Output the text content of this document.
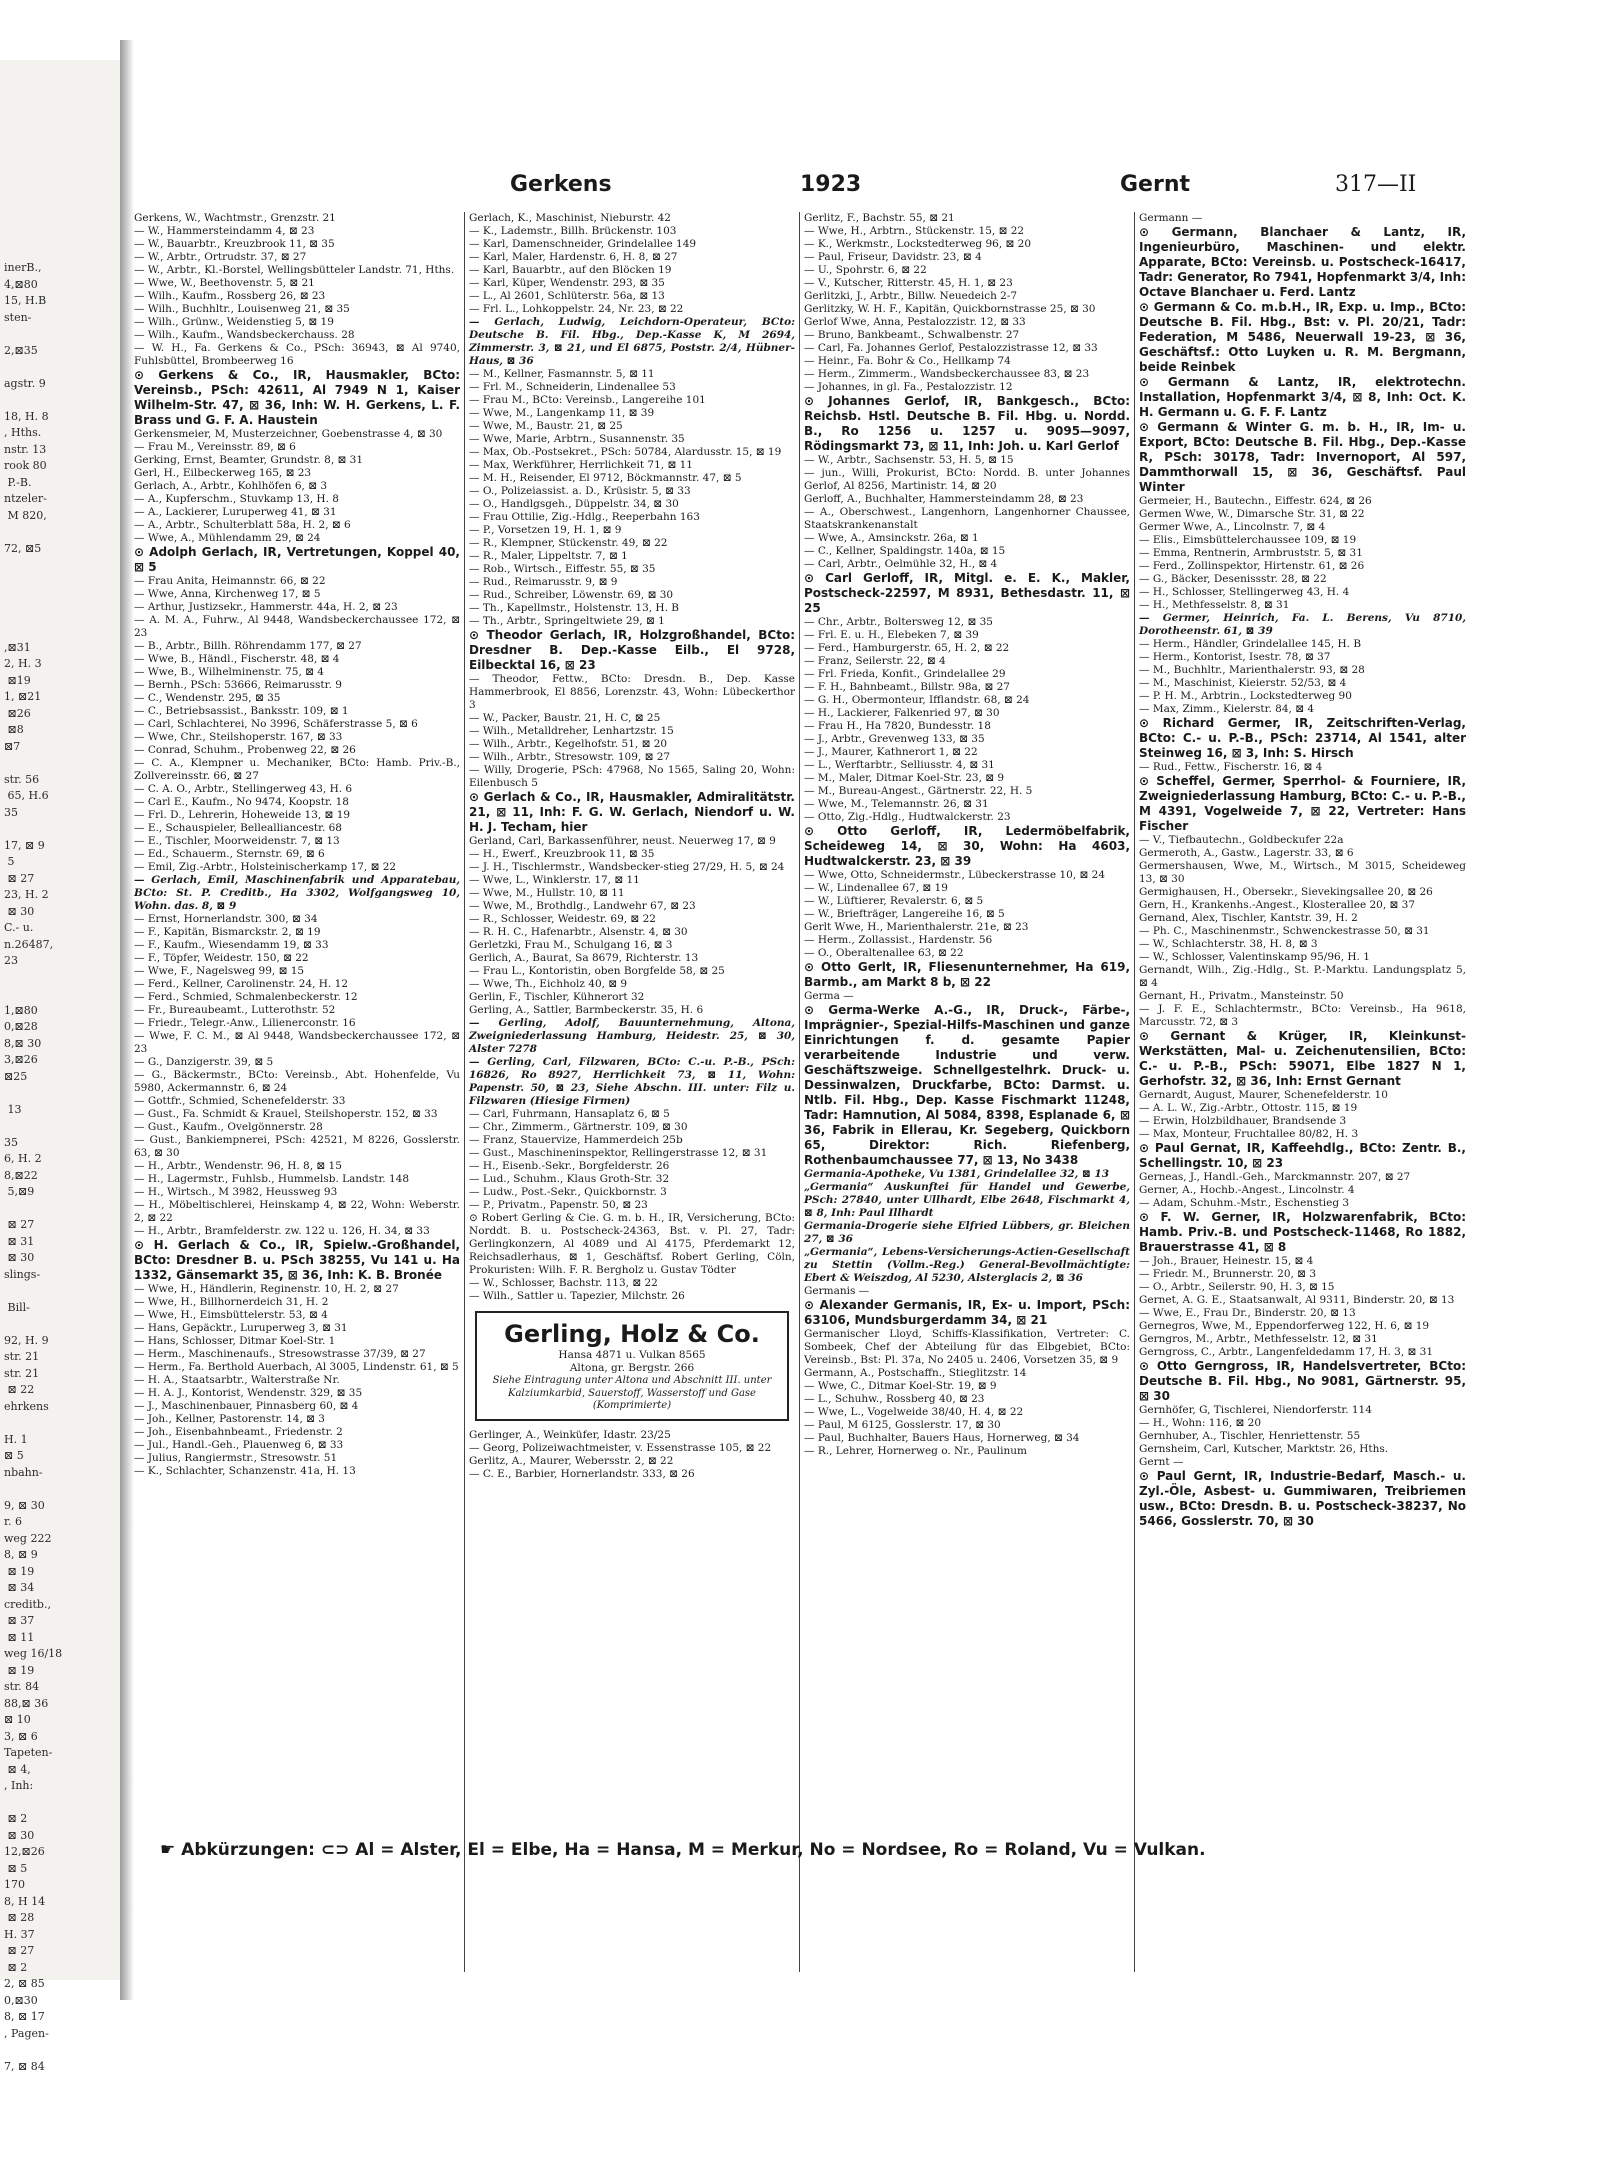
inerB.,
4,⊠80
15, H.B
sten-

2,⊠35

agstr. 9

18, H. 8
, Hths.
nstr. 13
rook 80
P.-B.
ntzeler-
M 820,

72, ⊠5

,⊠31
2, H. 3
⊠19
1, ⊠21
⊠26
⊠8
⊠7

str. 56
65, H.6
35

17, ⊠ 9
5
⊠ 27
23, H. 2
⊠ 30
C.- u.
n.26487,
23

1,⊠80
0,⊠28
8,⊠ 30
3,⊠26
⊠25

13

35
6, H. 2
8,⊠22
5,⊠9

⊠ 27
⊠ 31
⊠ 30
slings-

Bill-

92, H. 9
str. 21
str. 21
⊠ 22
ehrkens

H. 1
⊠ 5
nbahn-

9, ⊠ 30
r. 6
weg 222
8, ⊠ 9
⊠ 19
⊠ 34
creditb.,
⊠ 37
⊠ 11
weg 16/18
⊠ 19
str. 84
88,⊠ 36
⊠ 10
3, ⊠ 6
Tapeten-
⊠ 4,
, Inh:

⊠ 2
⊠ 30
12,⊠26
⊠ 5
170
8, H 14
⊠ 28
H. 37
⊠ 27
⊠ 2
2, ⊠ 85
0,⊠30
8, ⊠ 17
, Pagen-

7, ⊠ 84
Gerkens	1923	Gernt	317—II

Gerkens, W., Wachtmstr., Grenzstr. 21

— W., Hammersteindamm 4, ⊠ 23

— W., Bauarbtr., Kreuzbrook 11, ⊠ 35

— W., Arbtr., Ortrudstr. 37, ⊠ 27

— W., Arbtr., Kl.-Borstel, Wellingsbütteler Landstr. 71, Hths.

— Wwe, W., Beethovenstr. 5, ⊠ 21

— Wilh., Kaufm., Rossberg 26, ⊠ 23

— Wilh., Buchhltr., Louisenweg 21, ⊠ 35

— Wilh., Grünw., Weidenstieg 5, ⊠ 19

— Wilh., Kaufm., Wandsbeckerchauss. 28

— W. H., Fa. Gerkens & Co., PSch: 36943, ⊠ Al 9740, Fuhlsbüttel, Brombeerweg 16

⊙ Gerkens & Co., IR, Hausmakler, BCto: Vereinsb., PSch: 42611, Al 7949 N 1, Kaiser Wilhelm-Str. 47, ⊠ 36, Inh: W. H. Gerkens, L. F. Brass und G. F. A. Haustein

Gerkensmeier, M, Musterzeichner, Goebenstrasse 4, ⊠ 30

— Frau M., Vereinsstr. 89, ⊠ 6

Gerking, Ernst, Beamter, Grundstr. 8, ⊠ 31

Gerl, H., Eilbeckerweg 165, ⊠ 23

Gerlach, A., Arbtr., Kohlhöfen 6, ⊠ 3

— A., Kupferschm., Stuvkamp 13, H. 8

— A., Lackierer, Luruperweg 41, ⊠ 31

— A., Arbtr., Schulterblatt 58a, H. 2, ⊠ 6

— Wwe, A., Mühlendamm 29, ⊠ 24

⊙ Adolph Gerlach, IR, Vertretungen, Koppel 40, ⊠ 5

— Frau Anita, Heimannstr. 66, ⊠ 22

— Wwe, Anna, Kirchenweg 17, ⊠ 5

— Arthur, Justizsekr., Hammerstr. 44a, H. 2, ⊠ 23

— A. M. A., Fuhrw., Al 9448, Wandsbeckerchaussee 172, ⊠ 23

— B., Arbtr., Billh. Röhrendamm 177, ⊠ 27

— Wwe, B., Händl., Fischerstr. 48, ⊠ 4

— Wwe, B., Wilhelminenstr. 75, ⊠ 4

— Bernh., PSch: 53666, Reimarusstr. 9

— C., Wendenstr. 295, ⊠ 35

— C., Betriebsassist., Banksstr. 109, ⊠ 1

— Carl, Schlachterei, No 3996, Schäferstrasse 5, ⊠ 6

— Wwe, Chr., Steilshoperstr. 167, ⊠ 33

— Conrad, Schuhm., Probenweg 22, ⊠ 26

— C. A., Klempner u. Mechaniker, BCto: Hamb. Priv.-B., Zollvereinsstr. 66, ⊠ 27

— C. A. O., Arbtr., Stellingerweg 43, H. 6

— Carl E., Kaufm., No 9474, Koopstr. 18

— Frl. D., Lehrerin, Hoheweide 13, ⊠ 19

— E., Schauspieler, Bellealliancestr. 68

— E., Tischler, Moorweidenstr. 7, ⊠ 13

— Ed., Schauerm., Sternstr. 69, ⊠ 6

— Emil, Zig.-Arbtr., Holsteinischerkamp 17, ⊠ 22

— Gerlach, Emil, Maschinenfabrik und Apparatebau, BCto: St. P. Creditb., Ha 3302, Wolfgangsweg 10, Wohn. das. 8, ⊠ 9

— Ernst, Hornerlandstr. 300, ⊠ 34

— F., Kapitän, Bismarckstr. 2, ⊠ 19

— F., Kaufm., Wiesendamm 19, ⊠ 33

— F., Töpfer, Weidestr. 150, ⊠ 22

— Wwe, F., Nagelsweg 99, ⊠ 15

— Ferd., Kellner, Carolinenstr. 24, H. 12

— Ferd., Schmied, Schmalenbeckerstr. 12

— Fr., Bureaubeamt., Lutterothstr. 52

— Friedr., Telegr.-Anw., Lilienerconstr. 16

— Wwe, F. C. M., ⊠ Al 9448, Wandsbeckerchaussee 172, ⊠ 23

— G., Danzigerstr. 39, ⊠ 5

— G., Bäckermstr., BCto: Vereinsb., Abt. Hohenfelde, Vu 5980, Ackermannstr. 6, ⊠ 24

— Gottfr., Schmied, Schenefelderstr. 33

— Gust., Fa. Schmidt & Krauel, Steilshoperstr. 152, ⊠ 33

— Gust., Kaufm., Ovelgönnerstr. 28

— Gust., Bankiempnerei, PSch: 42521, M 8226, Gosslerstr. 63, ⊠ 30

— H., Arbtr., Wendenstr. 96, H. 8, ⊠ 15

— H., Lagermstr., Fuhlsb., Hummelsb. Landstr. 148

— H., Wirtsch., M 3982, Heussweg 93

— H., Möbeltischlerei, Heinskamp 4, ⊠ 22, Wohn: Weberstr. 2, ⊠ 22

— H., Arbtr., Bramfelderstr. zw. 122 u. 126, H. 34, ⊠ 33

⊙ H. Gerlach & Co., IR, Spielw.-Großhandel, BCto: Dresdner B. u. PSch 38255, Vu 141 u. Ha 1332, Gänsemarkt 35, ⊠ 36, Inh: K. B. Bronée

— Wwe, H., Händlerin, Reginenstr. 10, H. 2, ⊠ 27

— Wwe, H., Billhornerdeich 31, H. 2

— Wwe, H., Eimsbüttelerstr. 53, ⊠ 4

— Hans, Gepäcktr., Luruperweg 3, ⊠ 31

— Hans, Schlosser, Ditmar Koel-Str. 1

— Herm., Maschinenaufs., Stresowstrasse 37/39, ⊠ 27

— Herm., Fa. Berthold Auerbach, Al 3005, Lindenstr. 61, ⊠ 5

— H. A., Staatsarbtr., Walterstraße Nr.

— H. A. J., Kontorist, Wendenstr. 329, ⊠ 35

— J., Maschinenbauer, Pinnasberg 60, ⊠ 4

— Joh., Kellner, Pastorenstr. 14, ⊠ 3

— Joh., Eisenbahnbeamt., Friedenstr. 2

— Jul., Handl.-Geh., Plauenweg 6, ⊠ 33

— Julius, Rangiermstr., Stresowstr. 51

— K., Schlachter, Schanzenstr. 41a, H. 13

Gerlach, K., Maschinist, Nieburstr. 42

— K., Lademstr., Billh. Brückenstr. 103

— Karl, Damenschneider, Grindelallee 149

— Karl, Maler, Hardenstr. 6, H. 8, ⊠ 27

— Karl, Bauarbtr., auf den Blöcken 19

— Karl, Küper, Wendenstr. 293, ⊠ 35

— L., Al 2601, Schlüterstr. 56a, ⊠ 13

— Frl. L., Lohkoppelstr. 24, Nr. 23, ⊠ 22

— Gerlach, Ludwig, Leichdorn-Operateur, BCto: Deutsche B. Fil. Hbg., Dep.-Kasse K, M 2694, Zimmerstr. 3, ⊠ 21, und El 6875, Poststr. 2/4, Hübner-Haus, ⊠ 36

— M., Kellner, Fasmannstr. 5, ⊠ 11

— Frl. M., Schneiderin, Lindenallee 53

— Frau M., BCto: Vereinsb., Langereihe 101

— Wwe, M., Langenkamp 11, ⊠ 39

— Wwe, M., Baustr. 21, ⊠ 25

— Wwe, Marie, Arbtrn., Susannenstr. 35

— Max, Ob.-Postsekret., PSch: 50784, Alardusstr. 15, ⊠ 19

— Max, Werkführer, Herrlichkeit 71, ⊠ 11

— M. H., Reisender, El 9712, Böckmannstr. 47, ⊠ 5

— O., Polizeiassist. a. D., Krüsistr. 5, ⊠ 33

— O., Handlgsgeh., Düppelstr. 34, ⊠ 30

— Frau Ottilie, Zig.-Hdlg., Reeperbahn 163

— P., Vorsetzen 19, H. 1, ⊠ 9

— R., Klempner, Stückenstr. 49, ⊠ 22

— R., Maler, Lippeltstr. 7, ⊠ 1

— Rob., Wirtsch., Eiffestr. 55, ⊠ 35

— Rud., Reimarusstr. 9, ⊠ 9

— Rud., Schreiber, Löwenstr. 69, ⊠ 30

— Th., Kapellmstr., Holstenstr. 13, H. B

— Th., Arbtr., Springeltwiete 29, ⊠ 1

⊙ Theodor Gerlach, IR, Holzgroßhandel, BCto: Dresdner B. Dep.-Kasse Eilb., El 9728, Eilbecktal 16, ⊠ 23

— Theodor, Fettw., BCto: Dresdn. B., Dep. Kasse Hammerbrook, El 8856, Lorenzstr. 43, Wohn: Lübeckerthor 3

— W., Packer, Baustr. 21, H. C, ⊠ 25

— Wilh., Metalldreher, Lenhartzstr. 15

— Wilh., Arbtr., Kegelhofstr. 51, ⊠ 20

— Wilh., Arbtr., Stresowstr. 109, ⊠ 27

— Willy, Drogerie, PSch: 47968, No 1565, Saling 20, Wohn: Eilenbusch 5

⊙ Gerlach & Co., IR, Hausmakler, Admiralitätstr. 21, ⊠ 11, Inh: F. G. W. Gerlach, Niendorf u. W. H. J. Techam, hier

Gerland, Carl, Barkassenführer, neust. Neuerweg 17, ⊠ 9

— H., Ewerf., Kreuzbrook 11, ⊠ 35

— J. H., Tischlermstr., Wandsbecker-stieg 27/29, H. 5, ⊠ 24

— Wwe, L., Winklerstr. 17, ⊠ 11

— Wwe, M., Hullstr. 10, ⊠ 11

— Wwe, M., Brothdlg., Landwehr 67, ⊠ 23

— R., Schlosser, Weidestr. 69, ⊠ 22

— R. H. C., Hafenarbtr., Alsenstr. 4, ⊠ 30

Gerletzki, Frau M., Schulgang 16, ⊠ 3

Gerlich, A., Baurat, Sa 8679, Richterstr. 13

— Frau L., Kontoristin, oben Borgfelde 58, ⊠ 25

— Wwe, Th., Eichholz 40, ⊠ 9

Gerlin, F., Tischler, Kühnerort 32

Gerling, A., Sattler, Barmbeckerstr. 35, H. 6

— Gerling, Adolf, Bauunternehmung, Altona, Zweigniederlassung Hamburg, Heidestr. 25, ⊠ 30, Alster 7278

— Gerling, Carl, Filzwaren, BCto: C.-u. P.-B., PSch: 16826, Ro 8927, Herrlichkeit 73, ⊠ 11, Wohn: Papenstr. 50, ⊠ 23, Siehe Abschn. III. unter: Filz u. Filzwaren (Hiesige Firmen)

— Carl, Fuhrmann, Hansaplatz 6, ⊠ 5

— Chr., Zimmerm., Gärtnerstr. 109, ⊠ 30

— Franz, Stauervize, Hammerdeich 25b

— Gust., Maschineninspektor, Rellingerstrasse 12, ⊠ 31

— H., Eisenb.-Sekr., Borgfelderstr. 26

— Lud., Schuhm., Klaus Groth-Str. 32

— Ludw., Post.-Sekr., Quickbornstr. 3

— P., Privatm., Papenstr. 50, ⊠ 23

⊙ Robert Gerling & Cie. G. m. b. H., IR, Versicherung, BCto: Norddt. B. u. Postscheck-24363, Bst. v. Pl. 27, Tadr: Gerlingkonzern, Al 4089 und Al 4175, Pferdemarkt 12, Reichsadlerhaus, ⊠ 1, Geschäftsf. Robert Gerling, Cöln, Prokuristen: Wilh. F. R. Bergholz u. Gustav Tödter

— W., Schlosser, Bachstr. 113, ⊠ 22

— Wilh., Sattler u. Tapezier, Milchstr. 26

Gerling, Holz & Co.
Hansa 4871 u. Vulkan 8565
Altona, gr. Bergstr. 266
Siehe Eintragung unter Altona und Abschnitt III. unter Kalziumkarbid, Sauerstoff, Wasserstoff und Gase (Komprimierte)

Gerlinger, A., Weinküfer, Idastr. 23/25

— Georg, Polizeiwachtmeister, v. Essenstrasse 105, ⊠ 22

Gerlitz, A., Maurer, Webersstr. 2, ⊠ 22

— C. E., Barbier, Hornerlandstr. 333, ⊠ 26

Gerlitz, F., Bachstr. 55, ⊠ 21

— Wwe, H., Arbtrn., Stückenstr. 15, ⊠ 22

— K., Werkmstr., Lockstedterweg 96, ⊠ 20

— Paul, Friseur, Davidstr. 23, ⊠ 4

— U., Spohrstr. 6, ⊠ 22

— V., Kutscher, Ritterstr. 45, H. 1, ⊠ 23

Gerlitzki, J., Arbtr., Billw. Neuedeich 2-7

Gerlitzky, W. H. F., Kapitän, Quickbornstrasse 25, ⊠ 30

Gerlof Wwe, Anna, Pestalozzistr. 12, ⊠ 33

— Bruno, Bankbeamt., Schwalbenstr. 27

— Carl, Fa. Johannes Gerlof, Pestalozzistrasse 12, ⊠ 33

— Heinr., Fa. Bohr & Co., Hellkamp 74

— Herm., Zimmerm., Wandsbeckerchaussee 83, ⊠ 23

— Johannes, in gl. Fa., Pestalozzistr. 12

⊙ Johannes Gerlof, IR, Bankgesch., BCto: Reichsb. Hstl. Deutsche B. Fil. Hbg. u. Nordd. B., Ro 1256 u. 1257 u. 9095—9097, Rödingsmarkt 73, ⊠ 11, Inh: Joh. u. Karl Gerlof

— W., Arbtr., Sachsenstr. 53, H. 5, ⊠ 15

— jun., Willi, Prokurist, BCto: Nordd. B. unter Johannes Gerlof, Al 8256, Martinistr. 14, ⊠ 20

Gerloff, A., Buchhalter, Hammersteindamm 28, ⊠ 23

— A., Oberschwest., Langenhorn, Langenhorner Chaussee, Staatskrankenanstalt

— Wwe, A., Amsinckstr. 26a, ⊠ 1

— C., Kellner, Spaldingstr. 140a, ⊠ 15

— Carl, Arbtr., Oelmühle 32, H., ⊠ 4

⊙ Carl Gerloff, IR, Mitgl. e. E. K., Makler, Postscheck-22597, M 8931, Bethesdastr. 11, ⊠ 25

— Chr., Arbtr., Boltersweg 12, ⊠ 35

— Frl. E. u. H., Elebeken 7, ⊠ 39

— Ferd., Hamburgerstr. 65, H. 2, ⊠ 22

— Franz, Seilerstr. 22, ⊠ 4

— Frl. Frieda, Konfit., Grindelallee 29

— F. H., Bahnbeamt., Billstr. 98a, ⊠ 27

— G. H., Obermonteur, Ifflandstr. 68, ⊠ 24

— H., Lackierer, Falkenried 97, ⊠ 30

— Frau H., Ha 7820, Bundesstr. 18

— J., Arbtr., Grevenweg 133, ⊠ 35

— J., Maurer, Kathnerort 1, ⊠ 22

— L., Werftarbtr., Selliusstr. 4, ⊠ 31

— M., Maler, Ditmar Koel-Str. 23, ⊠ 9

— M., Bureau-Angest., Gärtnerstr. 22, H. 5

— Wwe, M., Telemannstr. 26, ⊠ 31

— Otto, Zig.-Hdlg., Hudtwalckerstr. 23

⊙ Otto Gerloff, IR, Ledermöbelfabrik, Scheideweg 14, ⊠ 30, Wohn: Ha 4603, Hudtwalckerstr. 23, ⊠ 39

— Wwe, Otto, Schneidermstr., Lübeckerstrasse 10, ⊠ 24

— W., Lindenallee 67, ⊠ 19

— W., Lüftierer, Revalerstr. 6, ⊠ 5

— W., Briefträger, Langereihe 16, ⊠ 5

Gerlt Wwe, H., Marienthalerstr. 21e, ⊠ 23

— Herm., Zollassist., Hardenstr. 56

— O., Oberaltenallee 63, ⊠ 22

⊙ Otto Gerlt, IR, Fliesenunternehmer, Ha 619, Barmb., am Markt 8 b, ⊠ 22

Germa —

⊙ Germa-Werke A.-G., IR, Druck-, Färbe-, Imprägnier-, Spezial-Hilfs-Maschinen und ganze Einrichtungen f. d. gesamte Papier verarbeitende Industrie und verw. Geschäftszweige. Schnellgestelhrk. Druck- u. Dessinwalzen, Druckfarbe, BCto: Darmst. u. Ntlb. Fil. Hbg., Dep. Kasse Fischmarkt 11248, Tadr: Hamnution, Al 5084, 8398, Esplanade 6, ⊠ 36, Fabrik in Ellerau, Kr. Segeberg, Quickborn 65, Direktor: Rich. Riefenberg, Rothenbaumchaussee 77, ⊠ 13, No 3438

Germania-Apotheke, Vu 1381, Grindelallee 32, ⊠ 13

„Germania“ Auskunftei für Handel und Gewerbe, PSch: 27840, unter Ullhardt, Elbe 2648, Fischmarkt 4, ⊠ 8, Inh: Paul Illhardt

Germania-Drogerie siehe Elfried Lübbers, gr. Bleichen 27, ⊠ 36

„Germania“, Lebens-Versicherungs-Actien-Gesellschaft zu Stettin (Vollm.-Reg.) General-Bevollmächtigte: Ebert & Weiszdog, Al 5230, Alsterglacis 2, ⊠ 36

Germanis —

⊙ Alexander Germanis, IR, Ex- u. Import, PSch: 63106, Mundsburgerdamm 34, ⊠ 21

Germanischer Lloyd, Schiffs-Klassifikation, Vertreter: C. Sombeek, Chef der Abteilung für das Elbgebiet, BCto: Vereinsb., Bst: Pl. 37a, No 2405 u. 2406, Vorsetzen 35, ⊠ 9

Germann, A., Postschaffn., Stieglitzstr. 14

— Wwe, C., Ditmar Koel-Str. 19, ⊠ 9

— L., Schuhw., Rossberg 40, ⊠ 23

— Wwe, L., Vogelweide 38/40, H. 4, ⊠ 22

— Paul, M 6125, Gosslerstr. 17, ⊠ 30

— Paul, Buchhalter, Bauers Haus, Hornerweg, ⊠ 34

— R., Lehrer, Hornerweg o. Nr., Paulinum

Germann —

⊙ Germann, Blanchaer & Lantz, IR, Ingenieurbüro, Maschinen- und elektr. Apparate, BCto: Vereinsb. u. Postscheck-16417, Tadr: Generator, Ro 7941, Hopfenmarkt 3/4, Inh: Octave Blanchaer u. Ferd. Lantz

⊙ Germann & Co. m.b.H., IR, Exp. u. Imp., BCto: Deutsche B. Fil. Hbg., Bst: v. Pl. 20/21, Tadr: Federation, M 5486, Neuerwall 19-23, ⊠ 36, Geschäftsf.: Otto Luyken u. R. M. Bergmann, beide Reinbek

⊙ Germann & Lantz, IR, elektrotechn. Installation, Hopfenmarkt 3/4, ⊠ 8, Inh: Oct. K. H. Germann u. G. F. F. Lantz

⊙ Germann & Winter G. m. b. H., IR, Im- u. Export, BCto: Deutsche B. Fil. Hbg., Dep.-Kasse R, PSch: 30178, Tadr: Invernoport, Al 597, Dammthorwall 15, ⊠ 36, Geschäftsf. Paul Winter

Germeier, H., Bautechn., Eiffestr. 624, ⊠ 26

Germen Wwe, W., Dimarsche Str. 31, ⊠ 22

Germer Wwe, A., Lincolnstr. 7, ⊠ 4

— Elis., Eimsbüttelerchaussee 109, ⊠ 19

— Emma, Rentnerin, Armbruststr. 5, ⊠ 31

— Ferd., Zollinspektor, Hirtenstr. 61, ⊠ 26

— G., Bäcker, Desenissstr. 28, ⊠ 22

— H., Schlosser, Stellingerweg 43, H. 4

— H., Methfesselstr. 8, ⊠ 31

— Germer, Heinrich, Fa. L. Berens, Vu 8710, Dorotheenstr. 61, ⊠ 39

— Herm., Händler, Grindelallee 145, H. B

— Herm., Kontorist, Isestr. 78, ⊠ 37

— M., Buchhltr., Marienthalerstr. 93, ⊠ 28

— M., Maschinist, Kieierstr. 52/53, ⊠ 4

— P. H. M., Arbtrin., Lockstedterweg 90

— Max, Zimm., Kielerstr. 84, ⊠ 4

⊙ Richard Germer, IR, Zeitschriften-Verlag, BCto: C.- u. P.-B., PSch: 23714, Al 1541, alter Steinweg 16, ⊠ 3, Inh: S. Hirsch

— Rud., Fettw., Fischerstr. 16, ⊠ 4

⊙ Scheffel, Germer, Sperrhol- & Fourniere, IR, Zweigniederlassung Hamburg, BCto: C.- u. P.-B., M 4391, Vogelweide 7, ⊠ 22, Vertreter: Hans Fischer

— V., Tiefbautechn., Goldbeckufer 22a

Germeroth, A., Gastw., Lagerstr. 33, ⊠ 6

Germershausen, Wwe, M., Wirtsch., M 3015, Scheideweg 13, ⊠ 30

Germighausen, H., Obersekr., Sievekingsallee 20, ⊠ 26

Gern, H., Krankenhs.-Angest., Klosterallee 20, ⊠ 37

Gernand, Alex, Tischler, Kantstr. 39, H. 2

— Ph. C., Maschinenmstr., Schwenckestrasse 50, ⊠ 31

— W., Schlachterstr. 38, H. 8, ⊠ 3

— W., Schlosser, Valentinskamp 95/96, H. 1

Gernandt, Wilh., Zig.-Hdlg., St. P.-Marktu. Landungsplatz 5, ⊠ 4

Gernant, H., Privatm., Mansteinstr. 50

— J. F. E., Schlachtermstr., BCto: Vereinsb., Ha 9618, Marcusstr. 72, ⊠ 3

⊙ Gernant & Krüger, IR, Kleinkunst-Werkstätten, Mal- u. Zeichenutensilien, BCto: C.- u. P.-B., PSch: 59071, Elbe 1827 N 1, Gerhofstr. 32, ⊠ 36, Inh: Ernst Gernant

Gernardt, August, Maurer, Schenefelderstr. 10

— A. L. W., Zig.-Arbtr., Ottostr. 115, ⊠ 19

— Erwin, Holzbildhauer, Brandsende 3

— Max, Monteur, Fruchtallee 80/82, H. 3

⊙ Paul Gernat, IR, Kaffeehdlg., BCto: Zentr. B., Schellingstr. 10, ⊠ 23

Gerneas, J., Handl.-Geh., Marckmannstr. 207, ⊠ 27

Gerner, A., Hochb.-Angest., Lincolnstr. 4

— Adam, Schuhm.-Mstr., Eschenstieg 3

⊙ F. W. Gerner, IR, Holzwarenfabrik, BCto: Hamb. Priv.-B. und Postscheck-11468, Ro 1882, Brauerstrasse 41, ⊠ 8

— Joh., Brauer, Heinestr. 15, ⊠ 4

— Friedr. M., Brunnerstr. 20, ⊠ 3

— O., Arbtr., Seilerstr. 90, H. 3, ⊠ 15

Gernet, A. G. E., Staatsanwalt, Al 9311, Binderstr. 20, ⊠ 13

— Wwe, E., Frau Dr., Binderstr. 20, ⊠ 13

Gernegros, Wwe, M., Eppendorferweg 122, H. 6, ⊠ 19

Gerngros, M., Arbtr., Methfesselstr. 12, ⊠ 31

Gerngross, C., Arbtr., Langenfeldedamm 17, H. 3, ⊠ 31

⊙ Otto Gerngross, IR, Handelsvertreter, BCto: Deutsche B. Fil. Hbg., No 9081, Gärtnerstr. 95, ⊠ 30

Gernhöfer, G, Tischlerei, Niendorferstr. 114

— H., Wohn: 116, ⊠ 20

Gernhuber, A., Tischler, Henriettenstr. 55

Gernsheim, Carl, Kutscher, Marktstr. 26, Hths.

Gernt —

⊙ Paul Gernt, IR, Industrie-Bedarf, Masch.- u. Zyl.-Öle, Asbest- u. Gummiwaren, Treibriemen usw., BCto: Dresdn. B. u. Postscheck-38237, No 5466, Gosslerstr. 70, ⊠ 30

☛ Abkürzungen: ⊂⊃ Al = Alster, El = Elbe, Ha = Hansa, M = Merkur, No = Nordsee, Ro = Roland, Vu = Vulkan.
